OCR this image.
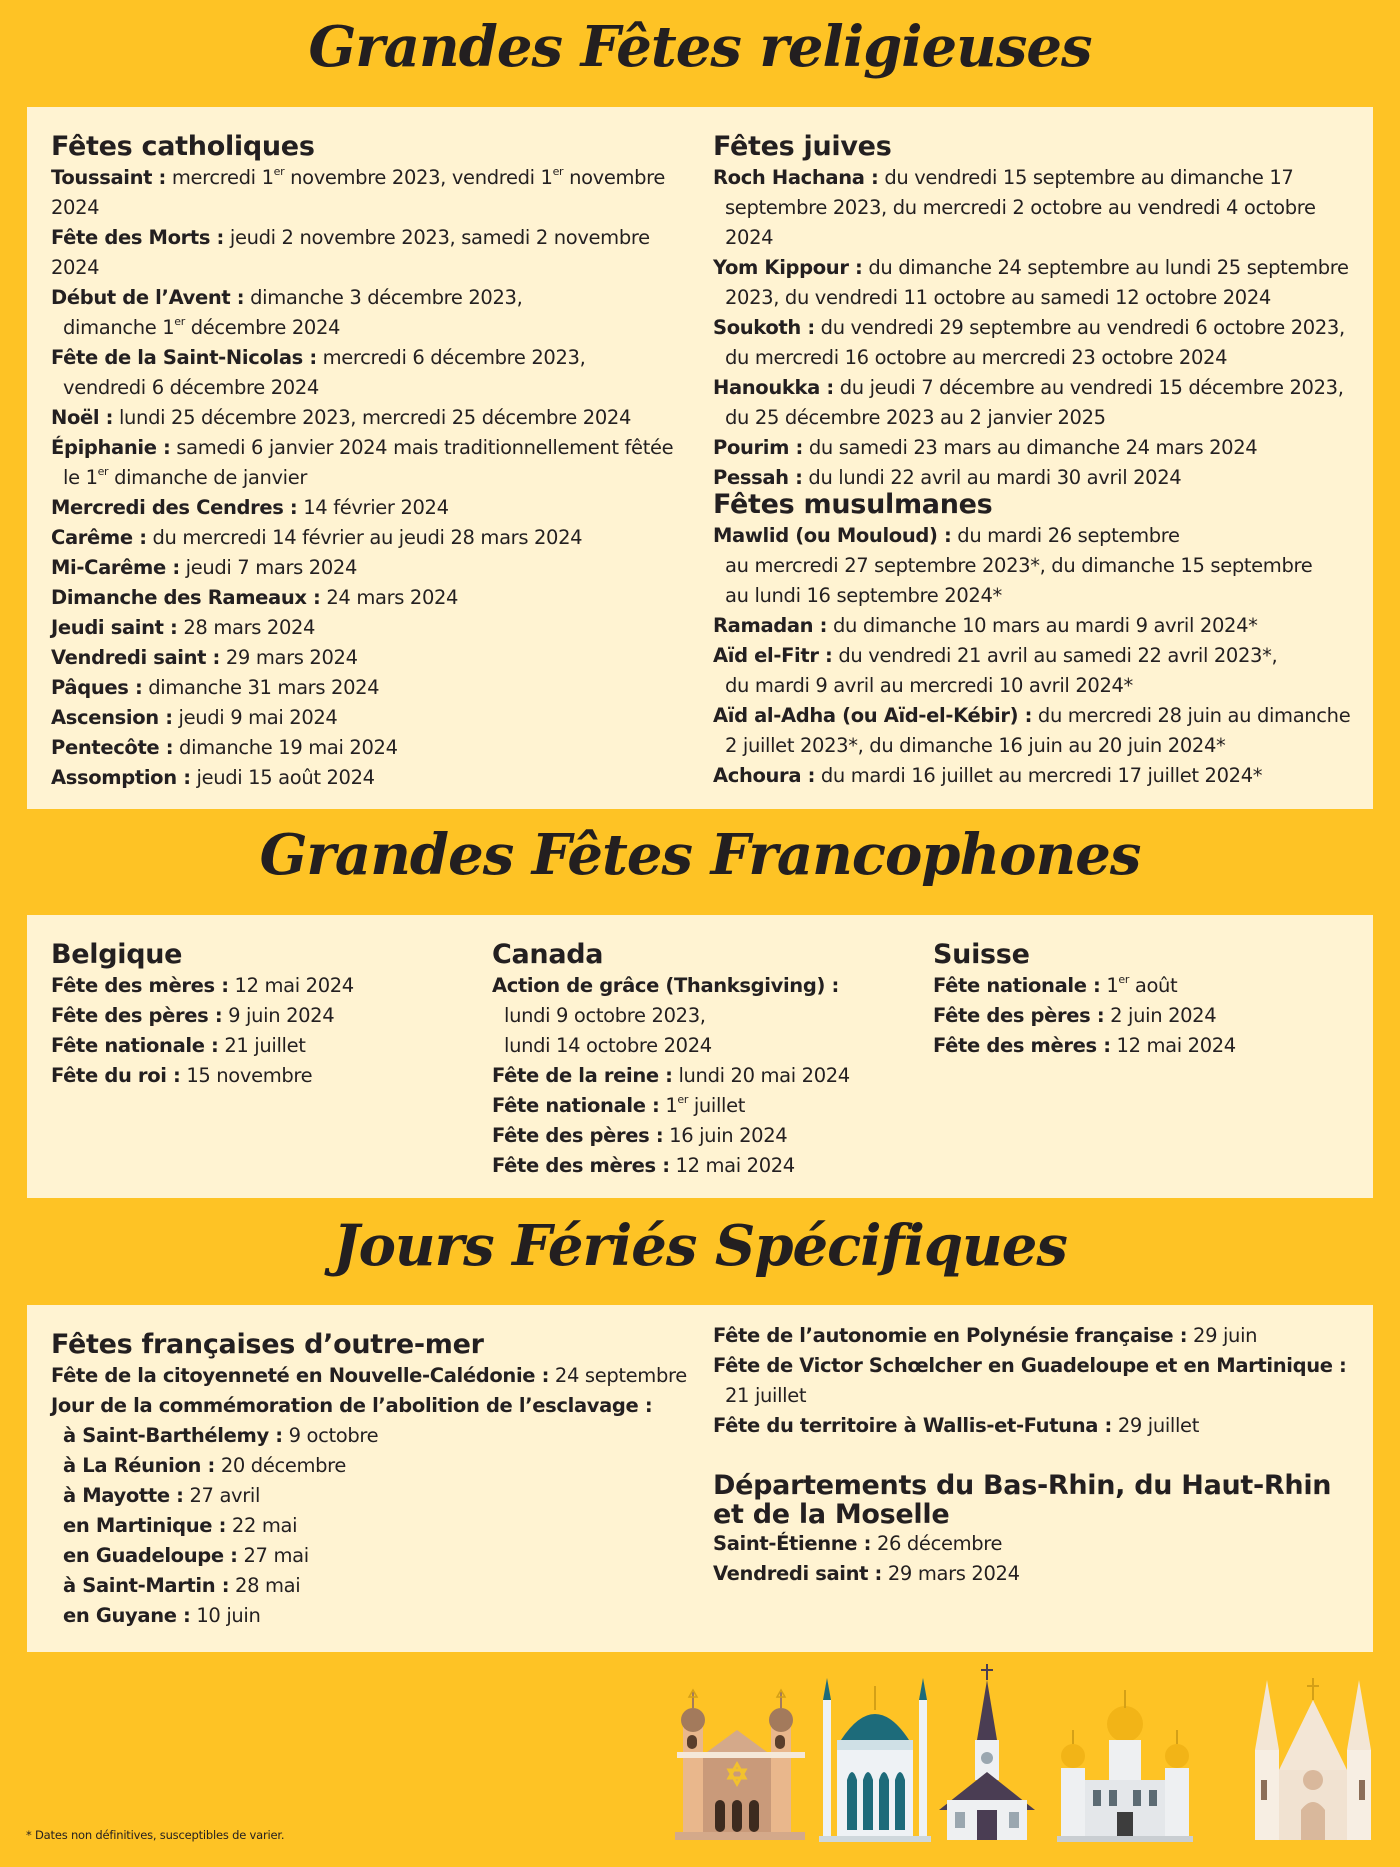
Grandes Fêtes religieuses
Fêtes catholiques

Toussaint : mercredi 1er novembre 2023, vendredi 1er novembre 2024

Fête des Morts : jeudi 2 novembre 2023, samedi 2 novembre 2024

Début de l’Avent : dimanche 3 décembre 2023,
dimanche 1er décembre 2024

Fête de la Saint-Nicolas : mercredi 6 décembre 2023,
vendredi 6 décembre 2024

Noël : lundi 25 décembre 2023, mercredi 25 décembre 2024

Épiphanie : samedi 6 janvier 2024 mais traditionnellement fêtée
le 1er dimanche de janvier

Mercredi des Cendres : 14 février 2024

Carême : du mercredi 14 février au jeudi 28 mars 2024

Mi-Carême : jeudi 7 mars 2024

Dimanche des Rameaux : 24 mars 2024

Jeudi saint : 28 mars 2024

Vendredi saint : 29 mars 2024

Pâques : dimanche 31 mars 2024

Ascension : jeudi 9 mai 2024

Pentecôte : dimanche 19 mai 2024

Assomption : jeudi 15 août 2024

Fêtes juives

Roch Hachana : du vendredi 15 septembre au dimanche 17
septembre 2023, du mercredi 2 octobre au vendredi 4 octobre 2024

Yom Kippour : du dimanche 24 septembre au lundi 25 septembre
2023, du vendredi 11 octobre au samedi 12 octobre 2024

Soukoth : du vendredi 29 septembre au vendredi 6 octobre 2023,
du mercredi 16 octobre au mercredi 23 octobre 2024

Hanoukka : du jeudi 7 décembre au vendredi 15 décembre 2023,
du 25 décembre 2023 au 2 janvier 2025

Pourim : du samedi 23 mars au dimanche 24 mars 2024

Pessah : du lundi 22 avril au mardi 30 avril 2024

Fêtes musulmanes

Mawlid (ou Mouloud) : du mardi 26 septembre
au mercredi 27 septembre 2023*, du dimanche 15 septembre
au lundi 16 septembre 2024*

Ramadan : du dimanche 10 mars au mardi 9 avril 2024*

Aïd el-Fitr : du vendredi 21 avril au samedi 22 avril 2023*,
du mardi 9 avril au mercredi 10 avril 2024*

Aïd al-Adha (ou Aïd-el-Kébir) : du mercredi 28 juin au dimanche
2 juillet 2023*, du dimanche 16 juin au 20 juin 2024*

Achoura : du mardi 16 juillet au mercredi 17 juillet 2024*

Grandes Fêtes Francophones
Belgique

Fête des mères : 12 mai 2024

Fête des pères : 9 juin 2024

Fête nationale : 21 juillet

Fête du roi : 15 novembre

Canada

Action de grâce (Thanksgiving) :
lundi 9 octobre 2023,
lundi 14 octobre 2024

Fête de la reine : lundi 20 mai 2024

Fête nationale : 1er juillet

Fête des pères : 16 juin 2024

Fête des mères : 12 mai 2024

Suisse

Fête nationale : 1er août

Fête des pères : 2 juin 2024

Fête des mères : 12 mai 2024

Jours Fériés Spécifiques
Fêtes françaises d’outre-mer

Fête de la citoyenneté en Nouvelle-Calédonie : 24 septembre

Jour de la commémoration de l’abolition de l’esclavage :

à Saint-Barthélemy : 9 octobre

à La Réunion : 20 décembre

à Mayotte : 27 avril

en Martinique : 22 mai

en Guadeloupe : 27 mai

à Saint-Martin : 28 mai

en Guyane : 10 juin

Fête de l’autonomie en Polynésie française : 29 juin

Fête de Victor Schœlcher en Guadeloupe et en Martinique :
21 juillet

Fête du territoire à Wallis-et-Futuna : 29 juillet

Départements du Bas-Rhin, du Haut-Rhin
et de la Moselle

Saint-Étienne : 26 décembre

Vendredi saint : 29 mars 2024

* Dates non définitives, susceptibles de varier.
